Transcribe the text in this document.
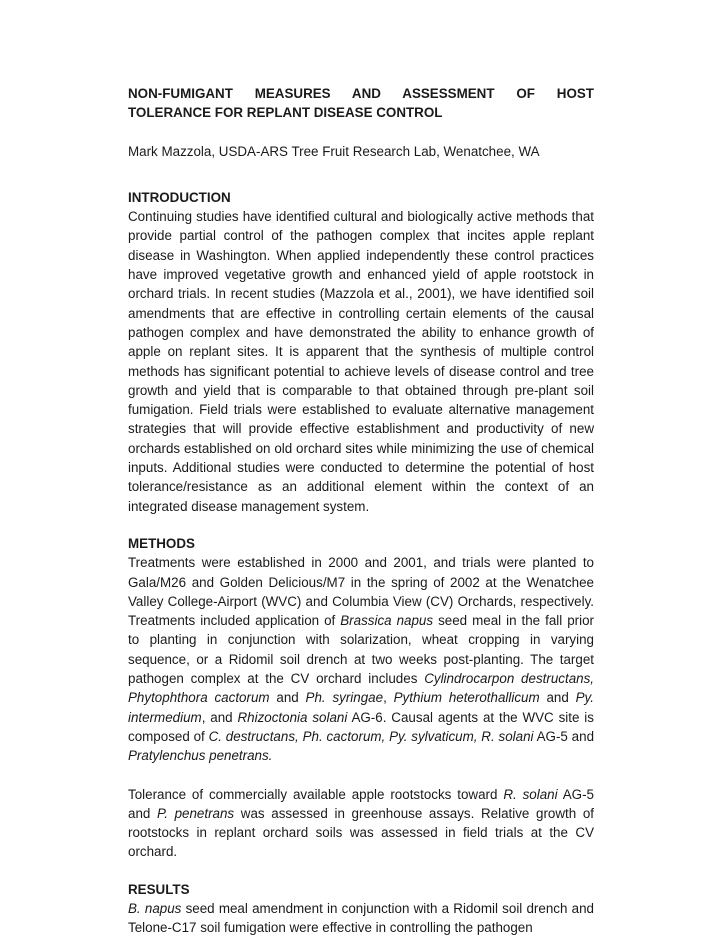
NON-FUMIGANT MEASURES AND ASSESSMENT OF HOST
TOLERANCE FOR REPLANT DISEASE CONTROL

Mark Mazzola, USDA-ARS Tree Fruit Research Lab, Wenatchee, WA

INTRODUCTION

Continuing studies have identified cultural and biologically active methods that provide partial control of the pathogen complex that incites apple replant disease in Washington. When applied independently these control practices have improved vegetative growth and enhanced yield of apple rootstock in orchard trials. In recent studies (Mazzola et al., 2001), we have identified soil amendments that are effective in controlling certain elements of the causal pathogen complex and have demonstrated the ability to enhance growth of apple on replant sites. It is apparent that the synthesis of multiple control methods has significant potential to achieve levels of disease control and tree growth and yield that is comparable to that obtained through pre-plant soil fumigation. Field trials were established to evaluate alternative management strategies that will provide effective establishment and productivity of new orchards established on old orchard sites while minimizing the use of chemical inputs. Additional studies were conducted to determine the potential of host tolerance/resistance as an additional element within the context of an integrated disease management system.

METHODS

Treatments were established in 2000 and 2001, and trials were planted to Gala/M26 and Golden Delicious/M7 in the spring of 2002 at the Wenatchee Valley College-Airport (WVC) and Columbia View (CV) Orchards, respectively. Treatments included application of Brassica napus seed meal in the fall prior to planting in conjunction with solarization, wheat cropping in varying sequence, or a Ridomil soil drench at two weeks post-planting. The target pathogen complex at the CV orchard includes Cylindrocarpon destructans, Phytophthora cactorum and Ph. syringae, Pythium heterothallicum and Py. intermedium, and Rhizoctonia solani AG-6. Causal agents at the WVC site is composed of C. destructans, Ph. cactorum, Py. sylvaticum, R. solani AG-5 and Pratylenchus penetrans.

Tolerance of commercially available apple rootstocks toward R. solani AG-5 and P. penetrans was assessed in greenhouse assays. Relative growth of rootstocks in replant orchard soils was assessed in field trials at the CV orchard.

RESULTS

B. napus seed meal amendment in conjunction with a Ridomil soil drench and Telone-C17 soil fumigation were effective in controlling the pathogen
